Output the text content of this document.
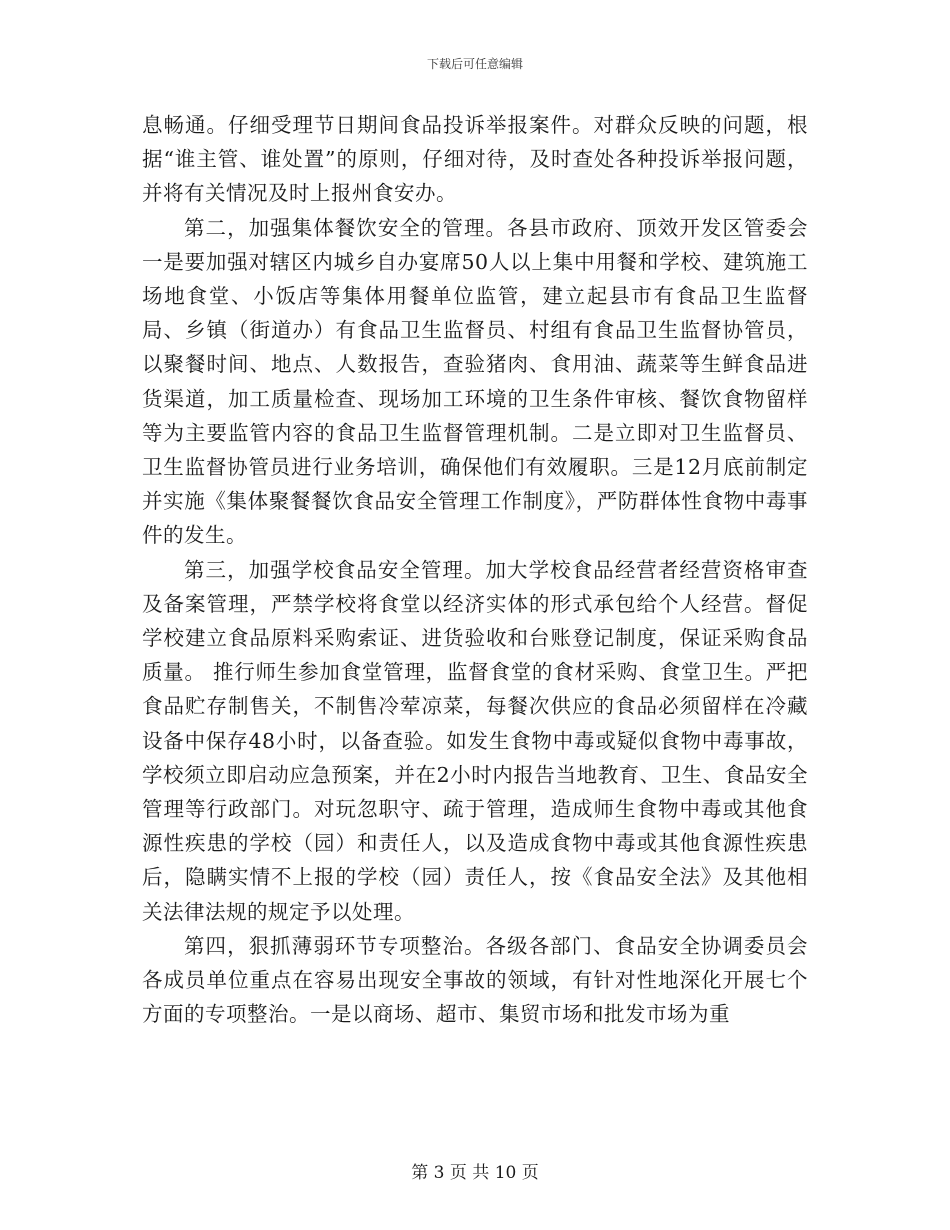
下载后可任意编辑

息畅通。仔细受理节日期间食品投诉举报案件。对群众反映的问题，根据“谁主管、谁处置”的原则，仔细对待，及时查处各种投诉举报问题，并将有关情况及时上报州食安办。

第二，加强集体餐饮安全的管理。各县市政府、顶效开发区管委会一是要加强对辖区内城乡自办宴席50人以上集中用餐和学校、建筑施工场地食堂、小饭店等集体用餐单位监管，建立起县市有食品卫生监督局、乡镇（街道办）有食品卫生监督员、村组有食品卫生监督协管员，以聚餐时间、地点、人数报告，查验猪肉、食用油、蔬菜等生鲜食品进货渠道，加工质量检查、现场加工环境的卫生条件审核、餐饮食物留样等为主要监管内容的食品卫生监督管理机制。二是立即对卫生监督员、卫生监督协管员进行业务培训，确保他们有效履职。三是12月底前制定并实施《集体聚餐餐饮食品安全管理工作制度》，严防群体性食物中毒事件的发生。

第三，加强学校食品安全管理。加大学校食品经营者经营资格审查及备案管理，严禁学校将食堂以经济实体的形式承包给个人经营。督促学校建立食品原料采购索证、进货验收和台账登记制度，保证采购食品质量。 推行师生参加食堂管理，监督食堂的食材采购、食堂卫生。严把食品贮存制售关，不制售冷荤凉菜，每餐次供应的食品必须留样在冷藏设备中保存48小时，以备查验。如发生食物中毒或疑似食物中毒事故，学校须立即启动应急预案，并在2小时内报告当地教育、卫生、食品安全管理等行政部门。对玩忽职守、疏于管理，造成师生食物中毒或其他食源性疾患的学校（园）和责任人，以及造成食物中毒或其他食源性疾患后，隐瞒实情不上报的学校（园）责任人，按《食品安全法》及其他相关法律法规的规定予以处理。

第四，狠抓薄弱环节专项整治。各级各部门、食品安全协调委员会各成员单位重点在容易出现安全事故的领域，有针对性地深化开展七个方面的专项整治。一是以商场、超市、集贸市场和批发市场为重

第 3 页 共 10 页
